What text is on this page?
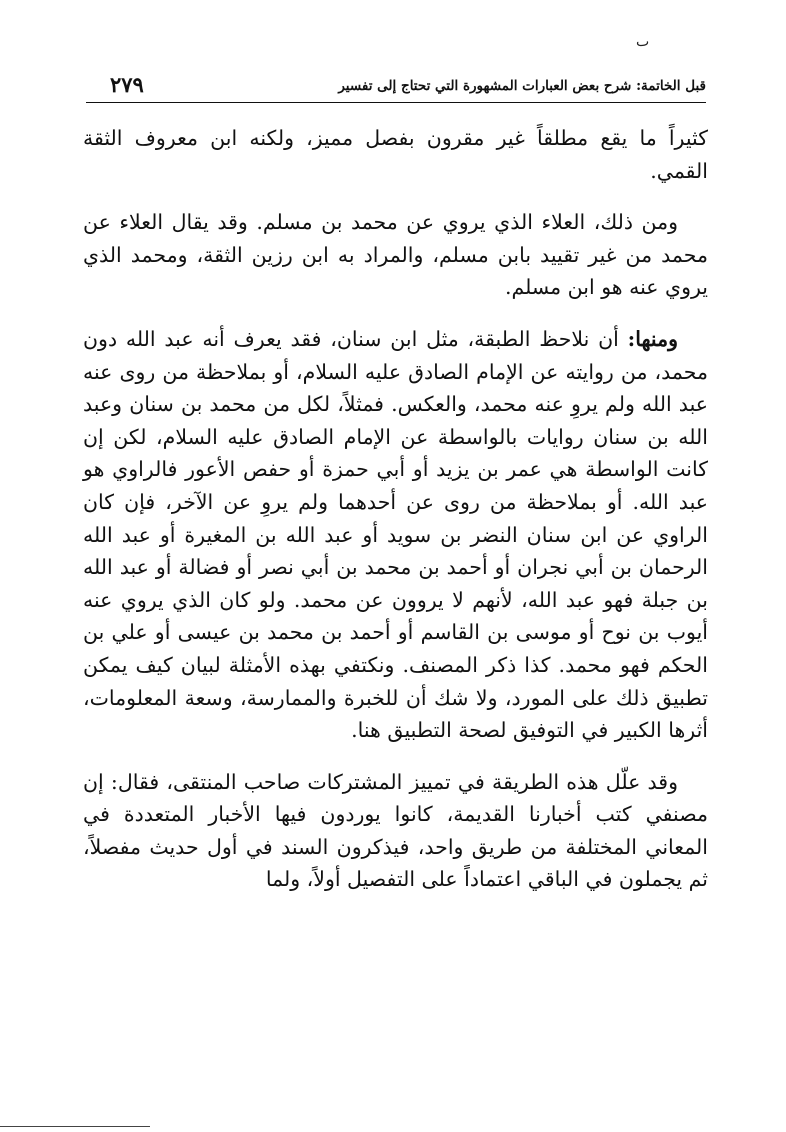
ٮ
٢٧٩	قبل الخاتمة: شرح بعض العبارات المشهورة التي تحتاج إلى تفسير

كثيراً ما يقع مطلقاً غير مقرون بفصل مميز، ولكنه ابن معروف الثقة القمي.

ومن ذلك، العلاء الذي يروي عن محمد بن مسلم. وقد يقال العلاء عن محمد من غير تقييد بابن مسلم، والمراد به ابن رزين الثقة، ومحمد الذي يروي عنه هو ابن مسلم.

ومنها: أن نلاحظ الطبقة، مثل ابن سنان، فقد يعرف أنه عبد الله دون محمد، من روايته عن الإمام الصادق عليه السلام، أو بملاحظة من روى عنه عبد الله ولم يروِ عنه محمد، والعكس. فمثلاً، لكل من محمد بن سنان وعبد الله بن سنان روايات بالواسطة عن الإمام الصادق عليه السلام، لكن إن كانت الواسطة هي عمر بن يزيد أو أبي حمزة أو حفص الأعور فالراوي هو عبد الله. أو بملاحظة من روى عن أحدهما ولم يروِ عن الآخر، فإن كان الراوي عن ابن سنان النضر بن سويد أو عبد الله بن المغيرة أو عبد الله الرحمان بن أبي نجران أو أحمد بن محمد بن أبي نصر أو فضالة أو عبد الله بن جبلة فهو عبد الله، لأنهم لا يروون عن محمد. ولو كان الذي يروي عنه أيوب بن نوح أو موسى بن القاسم أو أحمد بن محمد بن عيسى أو علي بن الحكم فهو محمد. كذا ذكر المصنف. ونكتفي بهذه الأمثلة لبيان كيف يمكن تطبيق ذلك على المورد، ولا شك أن للخبرة والممارسة، وسعة المعلومات، أثرها الكبير في التوفيق لصحة التطبيق هنا.

وقد علّل هذه الطريقة في تمييز المشتركات صاحب المنتقى، فقال: إن مصنفي كتب أخبارنا القديمة، كانوا يوردون فيها الأخبار المتعددة في المعاني المختلفة من طريق واحد، فيذكرون السند في أول حديث مفصلاً، ثم يجملون في الباقي اعتماداً على التفصيل أولاً، ولما
